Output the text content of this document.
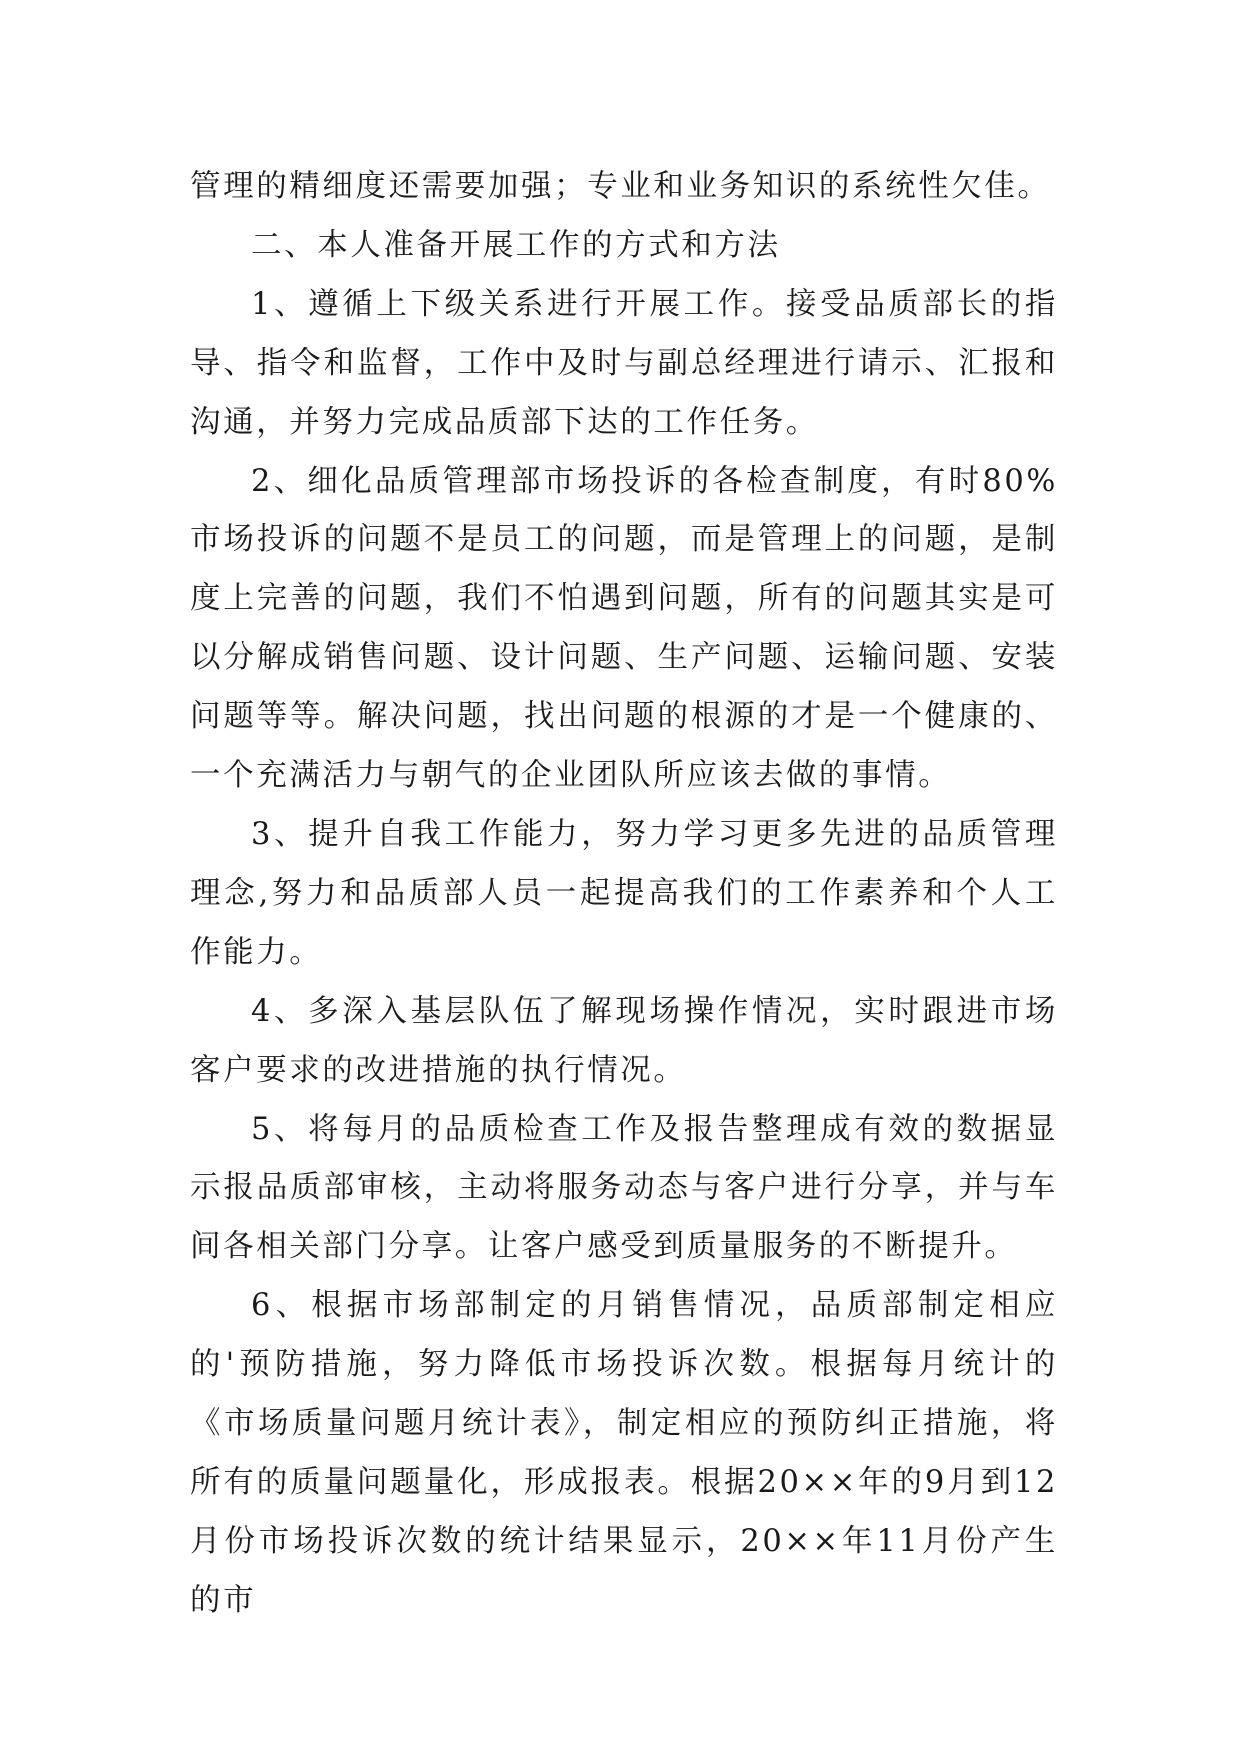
管理的精细度还需要加强；专业和业务知识的系统性欠佳。

二、本人准备开展工作的方式和方法

1、遵循上下级关系进行开展工作。接受品质部长的指导、指令和监督，工作中及时与副总经理进行请示、汇报和沟通，并努力完成品质部下达的工作任务。

2、细化品质管理部市场投诉的各检查制度，有时80%市场投诉的问题不是员工的问题，而是管理上的问题，是制度上完善的问题，我们不怕遇到问题，所有的问题其实是可以分解成销售问题、设计问题、生产问题、运输问题、安装问题等等。解决问题，找出问题的根源的才是一个健康的、一个充满活力与朝气的企业团队所应该去做的事情。

3、提升自我工作能力，努力学习更多先进的品质管理理念,努力和品质部人员一起提高我们的工作素养和个人工作能力。

4、多深入基层队伍了解现场操作情况，实时跟进市场客户要求的改进措施的执行情况。

5、将每月的品质检查工作及报告整理成有效的数据显示报品质部审核，主动将服务动态与客户进行分享，并与车间各相关部门分享。让客户感受到质量服务的不断提升。

6、根据市场部制定的月销售情况，品质部制定相应的'预防措施，努力降低市场投诉次数。根据每月统计的《市场质量问题月统计表》，制定相应的预防纠正措施，将所有的质量问题量化，形成报表。根据20××年的9月到12月份市场投诉次数的统计结果显示，20××年11月份产生的市
